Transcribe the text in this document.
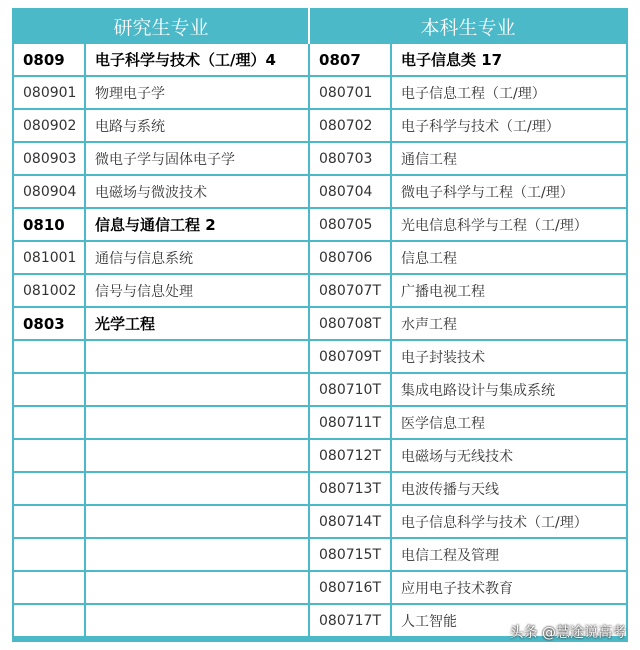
研究生专业		本科生专业	
0809	电子科学与技术（工/理）4	0807	电子信息类 17
080901	物理电子学	080701	电子信息工程（工/理）
080902	电路与系统	080702	电子科学与技术（工/理）
080903	微电子学与固体电子学	080703	通信工程
080904	电磁场与微波技术	080704	微电子科学与工程（工/理）
0810	信息与通信工程 2	080705	光电信息科学与工程（工/理）
081001	通信与信息系统	080706	信息工程
081002	信号与信息处理	080707T	广播电视工程
0803	光学工程	080708T	水声工程
		080709T	电子封装技术
		080710T	集成电路设计与集成系统
		080711T	医学信息工程
		080712T	电磁场与无线技术
		080713T	电波传播与天线
		080714T	电子信息科学与技术（工/理）
		080715T	电信工程及管理
		080716T	应用电子技术教育
		080717T	人工智能
头条 @慧途说高考
